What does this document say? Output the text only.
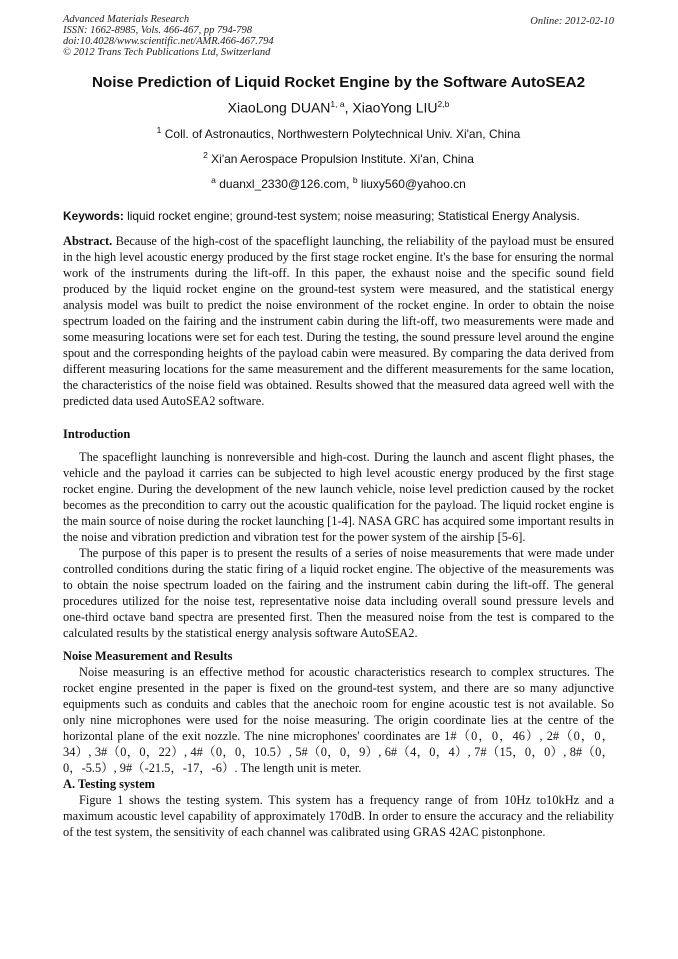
Advanced Materials Research
ISSN: 1662-8985, Vols. 466-467, pp 794-798
doi:10.4028/www.scientific.net/AMR.466-467.794
© 2012 Trans Tech Publications Ltd, Switzerland
Online: 2012-02-10
Noise Prediction of Liquid Rocket Engine by the Software AutoSEA2
XiaoLong DUAN$^{1, a}$, XiaoYong LIU$^{2,b}$
$^1$ Coll. of Astronautics, Northwestern Polytechnical Univ. Xi'an, China
$^2$ Xi'an Aerospace Propulsion Institute. Xi'an, China
$^a$ duanxl_2330@126.com, $^b$ liuxy560@yahoo.cn
Keywords: liquid rocket engine; ground-test system; noise measuring; Statistical Energy Analysis.
Abstract. Because of the high-cost of the spaceflight launching, the reliability of the payload must be ensured in the high level acoustic energy produced by the first stage rocket engine. It's the base for ensuring the normal work of the instruments during the lift-off. In this paper, the exhaust noise and the specific sound field produced by the liquid rocket engine on the ground-test system were measured, and the statistical energy analysis model was built to predict the noise environment of the rocket engine. In order to obtain the noise spectrum loaded on the fairing and the instrument cabin during the lift-off, two measurements were made and some measuring locations were set for each test. During the testing, the sound pressure level around the engine spout and the corresponding heights of the payload cabin were measured. By comparing the data derived from different measuring locations for the same measurement and the different measurements for the same location, the characteristics of the noise field was obtained. Results showed that the measured data agreed well with the predicted data used AutoSEA2 software.
Introduction
The spaceflight launching is nonreversible and high-cost. During the launch and ascent flight phases, the vehicle and the payload it carries can be subjected to high level acoustic energy produced by the first stage rocket engine. During the development of the new launch vehicle, noise level prediction caused by the rocket becomes as the precondition to carry out the acoustic qualification for the payload. The liquid rocket engine is the main source of noise during the rocket launching [1-4]. NASA GRC has acquired some important results in the noise and vibration prediction and vibration test for the power system of the airship [5-6].
The purpose of this paper is to present the results of a series of noise measurements that were made under controlled conditions during the static firing of a liquid rocket engine. The objective of the measurements was to obtain the noise spectrum loaded on the fairing and the instrument cabin during the lift-off. The general procedures utilized for the noise test, representative noise data including overall sound pressure levels and one-third octave band spectra are presented first. Then the measured noise from the test is compared to the calculated results by the statistical energy analysis software AutoSEA2.
Noise Measurement and Results
Noise measuring is an effective method for acoustic characteristics research to complex structures. The rocket engine presented in the paper is fixed on the ground-test system, and there are so many adjunctive equipments such as conduits and cables that the anechoic room for engine acoustic test is not available. So only nine microphones were used for the noise measuring. The origin coordinate lies at the centre of the horizontal plane of the exit nozzle. The nine microphones' coordinates are 1#（0，0，46）, 2#（0，0，34）, 3#（0，0，22）, 4#（0，0，10.5）, 5#（0，0，9）, 6#（4，0，4）, 7#（15，0，0）, 8#（0，0，-5.5）, 9#（-21.5，-17，-6）. The length unit is meter.
A. Testing system
Figure 1 shows the testing system. This system has a frequency range of from 10Hz to10kHz and a maximum acoustic level capability of approximately 170dB. In order to ensure the accuracy and the reliability of the test system, the sensitivity of each channel was calibrated using GRAS 42AC pistonphone.
